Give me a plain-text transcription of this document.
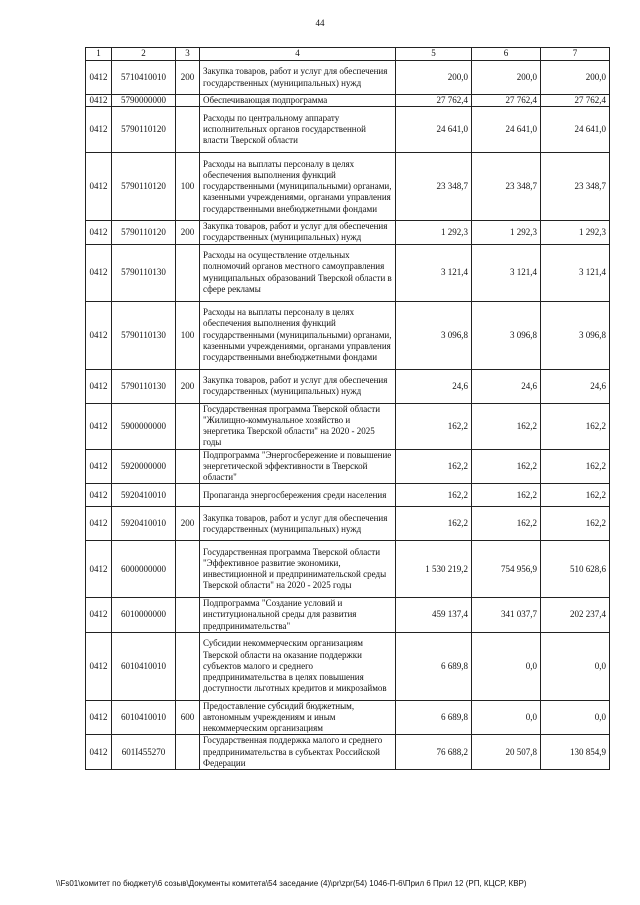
44
1	2	3	4	5	6	7
0412	5710410010	200	Закупка товаров, работ и услуг для обеспечения государственных (муниципальных) нужд	200,0	200,0	200,0
0412	5790000000		Обеспечивающая подпрограмма	27 762,4	27 762,4	27 762,4
0412	5790110120		Расходы по центральному аппарату исполнительных органов государственной власти Тверской области	24 641,0	24 641,0	24 641,0
0412	5790110120	100	Расходы на выплаты персоналу в целях обеспечения выполнения функций государственными (муниципальными) органами, казенными учреждениями, органами управления государственными внебюджетными фондами	23 348,7	23 348,7	23 348,7
0412	5790110120	200	Закупка товаров, работ и услуг для обеспечения государственных (муниципальных) нужд	1 292,3	1 292,3	1 292,3
0412	5790110130		Расходы на осуществление отдельных полномочий органов местного самоуправления муниципальных образований Тверской области в сфере рекламы	3 121,4	3 121,4	3 121,4
0412	5790110130	100	Расходы на выплаты персоналу в целях обеспечения выполнения функций государственными (муниципальными) органами, казенными учреждениями, органами управления государственными внебюджетными фондами	3 096,8	3 096,8	3 096,8
0412	5790110130	200	Закупка товаров, работ и услуг для обеспечения государственных (муниципальных) нужд	24,6	24,6	24,6
0412	5900000000		Государственная программа Тверской области "Жилищно-коммунальное хозяйство и энергетика Тверской области" на 2020 - 2025 годы	162,2	162,2	162,2
0412	5920000000		Подпрограмма "Энергосбережение и повышение энергетической эффективности в Тверской области"	162,2	162,2	162,2
0412	5920410010		Пропаганда энергосбережения среди населения	162,2	162,2	162,2
0412	5920410010	200	Закупка товаров, работ и услуг для обеспечения государственных (муниципальных) нужд	162,2	162,2	162,2
0412	6000000000		Государственная программа Тверской области "Эффективное развитие экономики, инвестиционной и предпринимательской среды Тверской области" на 2020 - 2025 годы	1 530 219,2	754 956,9	510 628,6
0412	6010000000		Подпрограмма "Создание условий и институциональной среды для развития предпринимательства"	459 137,4	341 037,7	202 237,4
0412	6010410010		Субсидии некоммерческим организациям Тверской области на оказание поддержки субъектов малого и среднего предпринимательства в целях повышения доступности льготных кредитов и микрозаймов	6 689,8	0,0	0,0
0412	6010410010	600	Предоставление субсидий бюджетным, автономным учреждениям и иным некоммерческим организациям	6 689,8	0,0	0,0
0412	601I455270		Государственная поддержка малого и среднего предпринимательства в субъектах Российской Федерации	76 688,2	20 507,8	130 854,9
\\Fs01\комитет по бюджету\6 созыв\Документы комитета\54 заседание (4)\pr\zpr(54) 1046-П-6\Прил 6 Прил 12 (РП, КЦСР, КВР)
